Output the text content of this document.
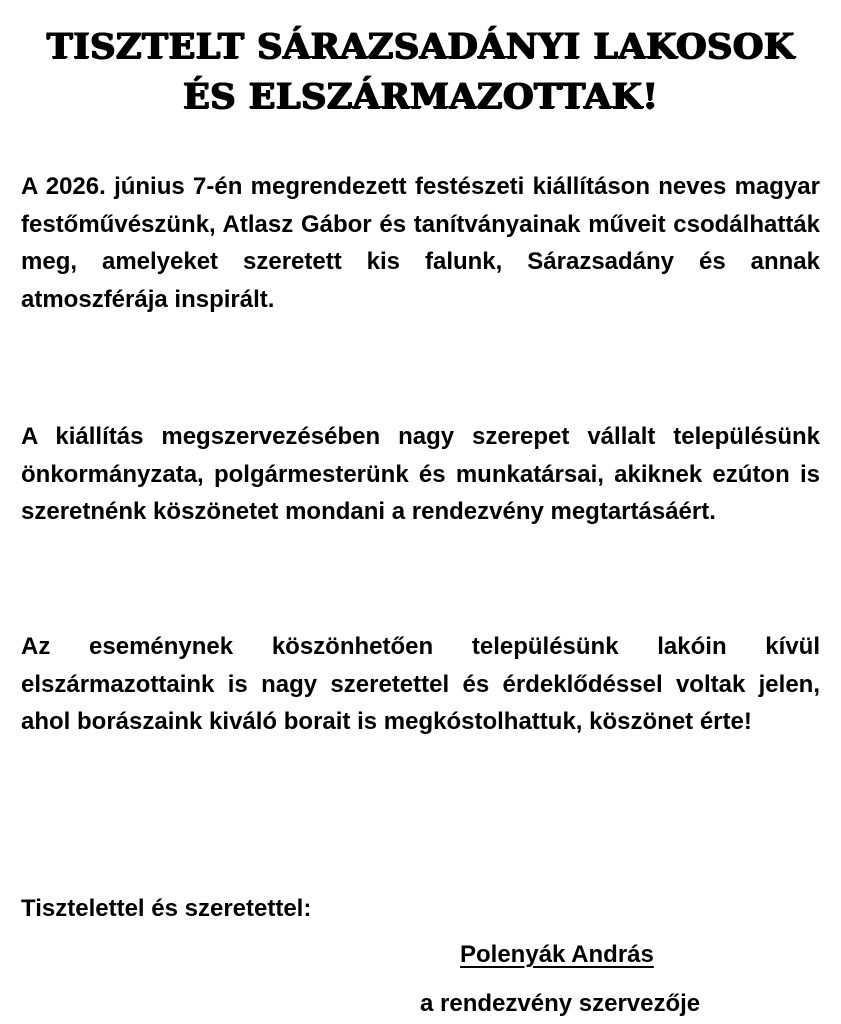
TISZTELT SÁRAZSADÁNYI LAKOSOK
ÉS ELSZÁRMAZOTTAK!

A 2026. június 7-én megrendezett festészeti kiállításon neves magyar festőművészünk, Atlasz Gábor és tanítványainak műveit csodálhatták meg, amelyeket szeretett kis falunk, Sárazsadány és annak atmoszférája inspirált.

A kiállítás megszervezésében nagy szerepet vállalt településünk önkormányzata, polgármesterünk és munkatársai, akiknek ezúton is szeretnénk köszönetet mondani a rendezvény megtartásáért.

Az eseménynek köszönhetően településünk lakóin kívül elszármazottaink is nagy szeretettel és érdeklődéssel voltak jelen, ahol borászaink kiváló borait is megkóstolhattuk, köszönet érte!

Tisztelettel és szeretettel:

Polenyák András

a rendezvény szervezője
